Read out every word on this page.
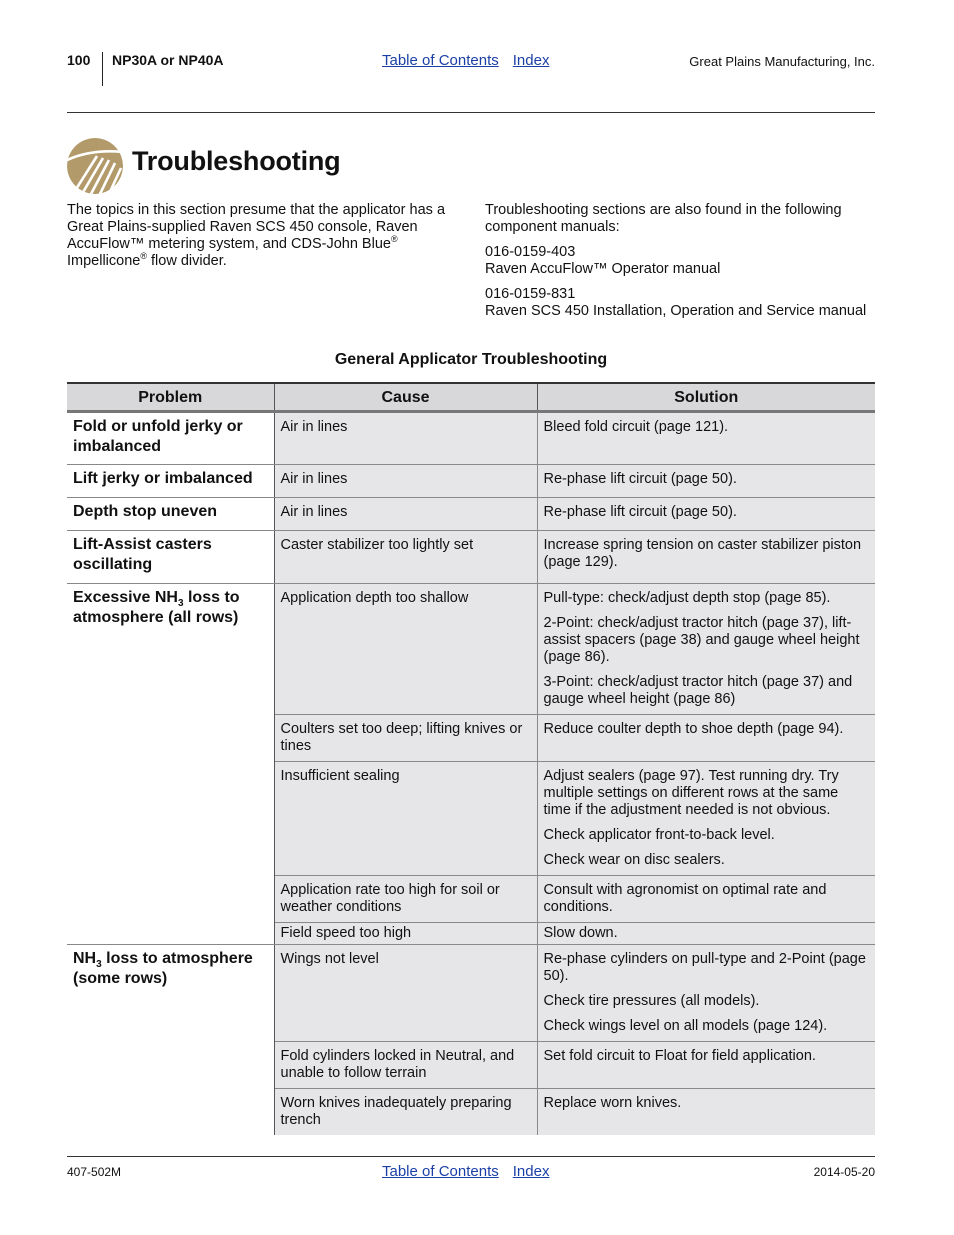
100 NP30A or NP40A	Table of Contents Index	Great Plains Manufacturing, Inc.
Troubleshooting

The topics in this section presume that the applicator has a Great Plains-supplied Raven SCS 450 console, Raven AccuFlow™ metering system, and CDS-John Blue® Impellicone® flow divider.

Troubleshooting sections are also found in the following component manuals:

016-0159-403
Raven AccuFlow™ Operator manual

016-0159-831
Raven SCS 450 Installation, Operation and Service manual

General Applicator Troubleshooting
Problem	Cause	Solution
Fold or unfold jerky or imbalanced	Air in lines	Bleed fold circuit (page 121).

Lift jerky or imbalanced	Air in lines	Re-phase lift circuit (page 50).

Depth stop uneven	Air in lines	Re-phase lift circuit (page 50).

Lift-Assist casters oscillating	Caster stabilizer too lightly set	Increase spring tension on caster stabilizer piston (page 129).

Excessive $NH_3$ loss to atmosphere (all rows)	Application depth too shallow	Pull-type: check/adjust depth stop (page 85).

2-Point: check/adjust tractor hitch (page 37), lift-assist spacers (page 38) and gauge wheel height (page 86).

3-Point: check/adjust tractor hitch (page 37) and gauge wheel height (page 86)

	Coulters set too deep; lifting knives or tines	Reduce coulter depth to shoe depth (page 94).

	Insufficient sealing	Adjust sealers (page 97). Test running dry. Try multiple settings on different rows at the same time if the adjustment needed is not obvious.

Check applicator front-to-back level.

Check wear on disc sealers.

	Application rate too high for soil or weather conditions	Consult with agronomist on optimal rate and conditions.

	Field speed too high	Slow down.

$NH_3$ loss to atmosphere (some rows)	Wings not level	Re-phase cylinders on pull-type and 2-Point (page 50).

Check tire pressures (all models).

Check wings level on all models (page 124).

	Fold cylinders locked in Neutral, and unable to follow terrain	Set fold circuit to Float for field application.

	Worn knives inadequately preparing trench	Replace worn knives.

407-502M	Table of Contents Index	2014-05-20
